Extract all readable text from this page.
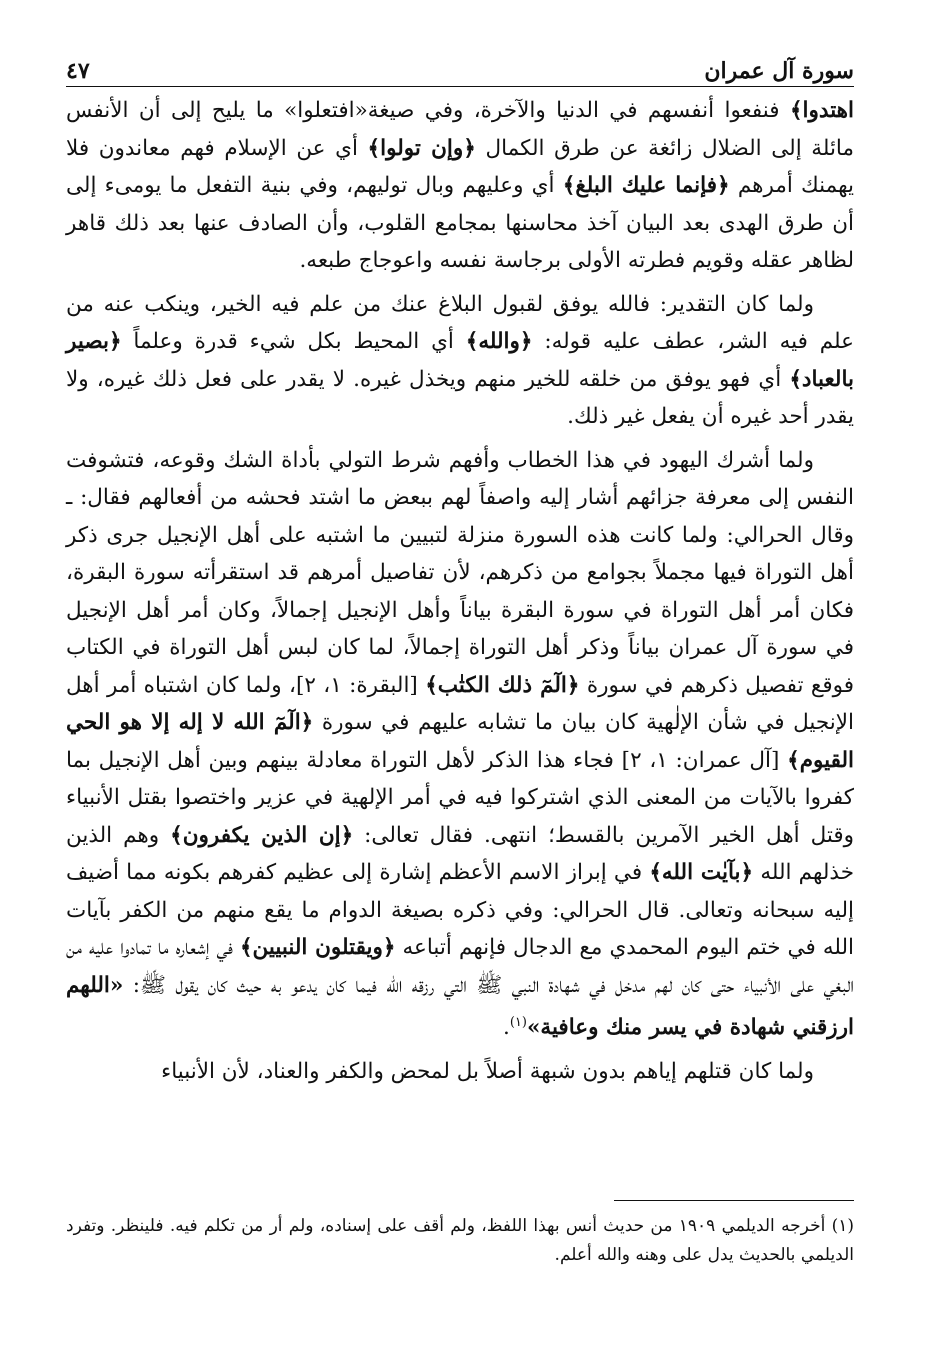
سورة آل عمران
٤٧

اهتدوا﴾ فنفعوا أنفسهم في الدنيا والآخرة، وفي صيغة«افتعلوا» ما يليح إلى أن الأنفس مائلة إلى الضلال زائغة عن طرق الكمال ﴿وإن تولوا﴾ أي عن الإسلام فهم معاندون فلا يهمنك أمرهم ﴿فإنما عليك البلغ﴾ أي وعليهم وبال توليهم، وفي بنية التفعل ما يومىء إلى أن طرق الهدى بعد البيان آخذ محاسنها بمجامع القلوب، وأن الصادف عنها بعد ذلك قاهر لظاهر عقله وقويم فطرته الأولى برجاسة نفسه واعوجاج طبعه.

ولما كان التقدير: فالله يوفق لقبول البلاغ عنك من علم فيه الخير، وينكب عنه من علم فيه الشر، عطف عليه قوله: ﴿والله﴾ أي المحيط بكل شيء قدرة وعلماً ﴿بصير بالعباد﴾ أي فهو يوفق من خلقه للخير منهم ويخذل غيره. لا يقدر على فعل ذلك غيره، ولا يقدر أحد غيره أن يفعل غير ذلك.

ولما أشرك اليهود في هذا الخطاب وأفهم شرط التولي بأداة الشك وقوعه، فتشوفت النفس إلى معرفة جزائهم أشار إليه واصفاً لهم ببعض ما اشتد فحشه من أفعالهم فقال: ـ وقال الحرالي: ولما كانت هذه السورة منزلة لتبيين ما اشتبه على أهل الإنجيل جرى ذكر أهل التوراة فيها مجملاً بجوامع من ذكرهم، لأن تفاصيل أمرهم قد استقرأته سورة البقرة، فكان أمر أهل التوراة في سورة البقرة بياناً وأهل الإنجيل إجمالاً، وكان أمر أهل الإنجيل في سورة آل عمران بياناً وذكر أهل التوراة إجمالاً، لما كان لبس أهل التوراة في الكتاب فوقع تفصيل ذكرهم في سورة ﴿الٓمٓ ذلك الكتٰب﴾ [البقرة: ١، ٢]، ولما كان اشتباه أمر أهل الإنجيل في شأن الإلٰهية كان بيان ما تشابه عليهم في سورة ﴿الٓمٓ الله لا إله إلا هو الحي القيوم﴾ [آل عمران: ١، ٢] فجاء هذا الذكر لأهل التوراة معادلة بينهم وبين أهل الإنجيل بما كفروا بالآيات من المعنى الذي اشتركوا فيه في أمر الإلهية في عزير واختصوا بقتل الأنبياء وقتل أهل الخير الآمرين بالقسط؛ انتهى. فقال تعالى: ﴿إن الذين يكفرون﴾ وهم الذين خذلهم الله ﴿بآيٰت الله﴾ في إبراز الاسم الأعظم إشارة إلى عظيم كفرهم بكونه مما أضيف إليه سبحانه وتعالى. قال الحرالي: وفي ذكره بصيغة الدوام ما يقع منهم من الكفر بآيات الله في ختم اليوم المحمدي مع الدجال فإنهم أتباعه ﴿ويقتلون النبيين﴾ في إشعاره ما تمادوا عليه من البغي على الأنبياء حتى كان لهم مدخل في شهادة النبي ﷺ التي رزقه الله فيما كان يدعو به حيث كان يقول ﷺ: «اللهم ارزقني شهادة في يسر منك وعافية»$^{(١)}$.

ولما كان قتلهم إياهم بدون شبهة أصلاً بل لمحض والكفر والعناد، لأن الأنبياء

(١) أخرجه الديلمي ١٩٠٩ من حديث أنس بهذا اللفظ، ولم أقف على إسناده، ولم أر من تكلم فيه. فلينظر. وتفرد الديلمي بالحديث يدل على وهنه والله أعلم.
